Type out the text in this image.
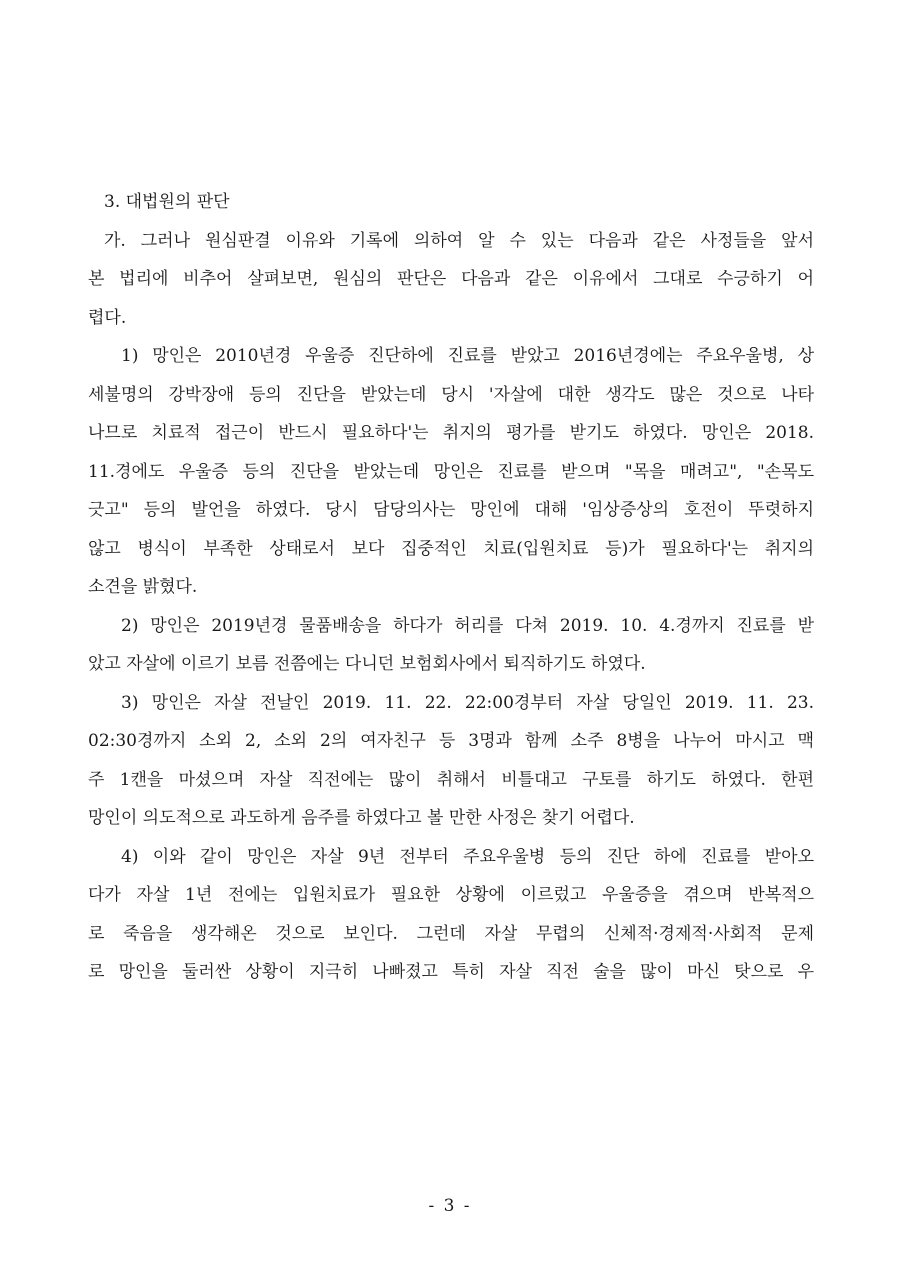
3. 대법원의 판단
가. 그러나 원심판결 이유와 기록에 의하여 알 수 있는 다음과 같은 사정들을 앞서
본 법리에 비추어 살펴보면, 원심의 판단은 다음과 같은 이유에서 그대로 수긍하기 어
렵다.
1) 망인은 2010년경 우울증 진단하에 진료를 받았고 2016년경에는 주요우울병, 상
세불명의 강박장애 등의 진단을 받았는데 당시 '자살에 대한 생각도 많은 것으로 나타
나므로 치료적 접근이 반드시 필요하다'는 취지의 평가를 받기도 하였다. 망인은 2018.
11.경에도 우울증 등의 진단을 받았는데 망인은 진료를 받으며 "목을 매려고", "손목도
긋고" 등의 발언을 하였다. 당시 담당의사는 망인에 대해 '임상증상의 호전이 뚜렷하지
않고 병식이 부족한 상태로서 보다 집중적인 치료(입원치료 등)가 필요하다'는 취지의
소견을 밝혔다.
2) 망인은 2019년경 물품배송을 하다가 허리를 다쳐 2019. 10. 4.경까지 진료를 받
았고 자살에 이르기 보름 전쯤에는 다니던 보험회사에서 퇴직하기도 하였다.
3) 망인은 자살 전날인 2019. 11. 22. 22:00경부터 자살 당일인 2019. 11. 23.
02:30경까지 소외 2, 소외 2의 여자친구 등 3명과 함께 소주 8병을 나누어 마시고 맥
주 1캔을 마셨으며 자살 직전에는 많이 취해서 비틀대고 구토를 하기도 하였다. 한편
망인이 의도적으로 과도하게 음주를 하였다고 볼 만한 사정은 찾기 어렵다.
4) 이와 같이 망인은 자살 9년 전부터 주요우울병 등의 진단 하에 진료를 받아오
다가 자살 1년 전에는 입원치료가 필요한 상황에 이르렀고 우울증을 겪으며 반복적으
로 죽음을 생각해온 것으로 보인다. 그런데 자살 무렵의 신체적·경제적·사회적 문제
로 망인을 둘러싼 상황이 지극히 나빠졌고 특히 자살 직전 술을 많이 마신 탓으로 우
- 3 -
